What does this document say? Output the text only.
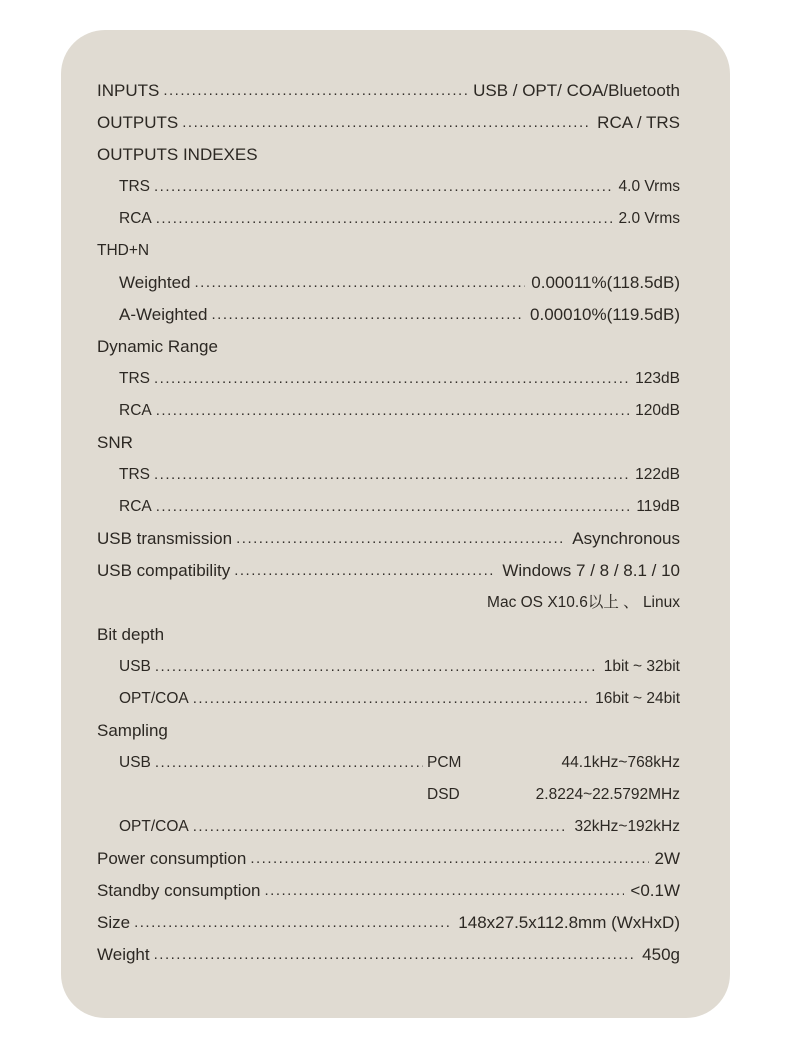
INPUTS .....	USB / OPT/ COA/Bluetooth
OUTPUTS .....	RCA / TRS
OUTPUTS INDEXES
TRS .....	4.0 Vrms
RCA .....	2.0 Vrms
THD+N
Weighted .....	0.00011%(118.5dB)
A-Weighted .....	0.00010%(119.5dB)
Dynamic Range
TRS .....	123dB
RCA .....	120dB
SNR
TRS .....	122dB
RCA .....	119dB
USB transmission .....	Asynchronous
USB compatibility .....	Windows 7 / 8 / 8.1 / 10
Mac OS X10.6以上 、 Linux
Bit depth
USB .....	1bit ~ 32bit
OPT/COA .....	16bit ~ 24bit
Sampling
USB .....	PCM	44.1kHz~768kHz
DSD	2.8224~22.5792MHz
OPT/COA .....	32kHz~192kHz
Power consumption .....	2W
Standby consumption .....	<0.1W
Size .....	148x27.5x112.8mm (WxHxD)
Weight .....	450g
